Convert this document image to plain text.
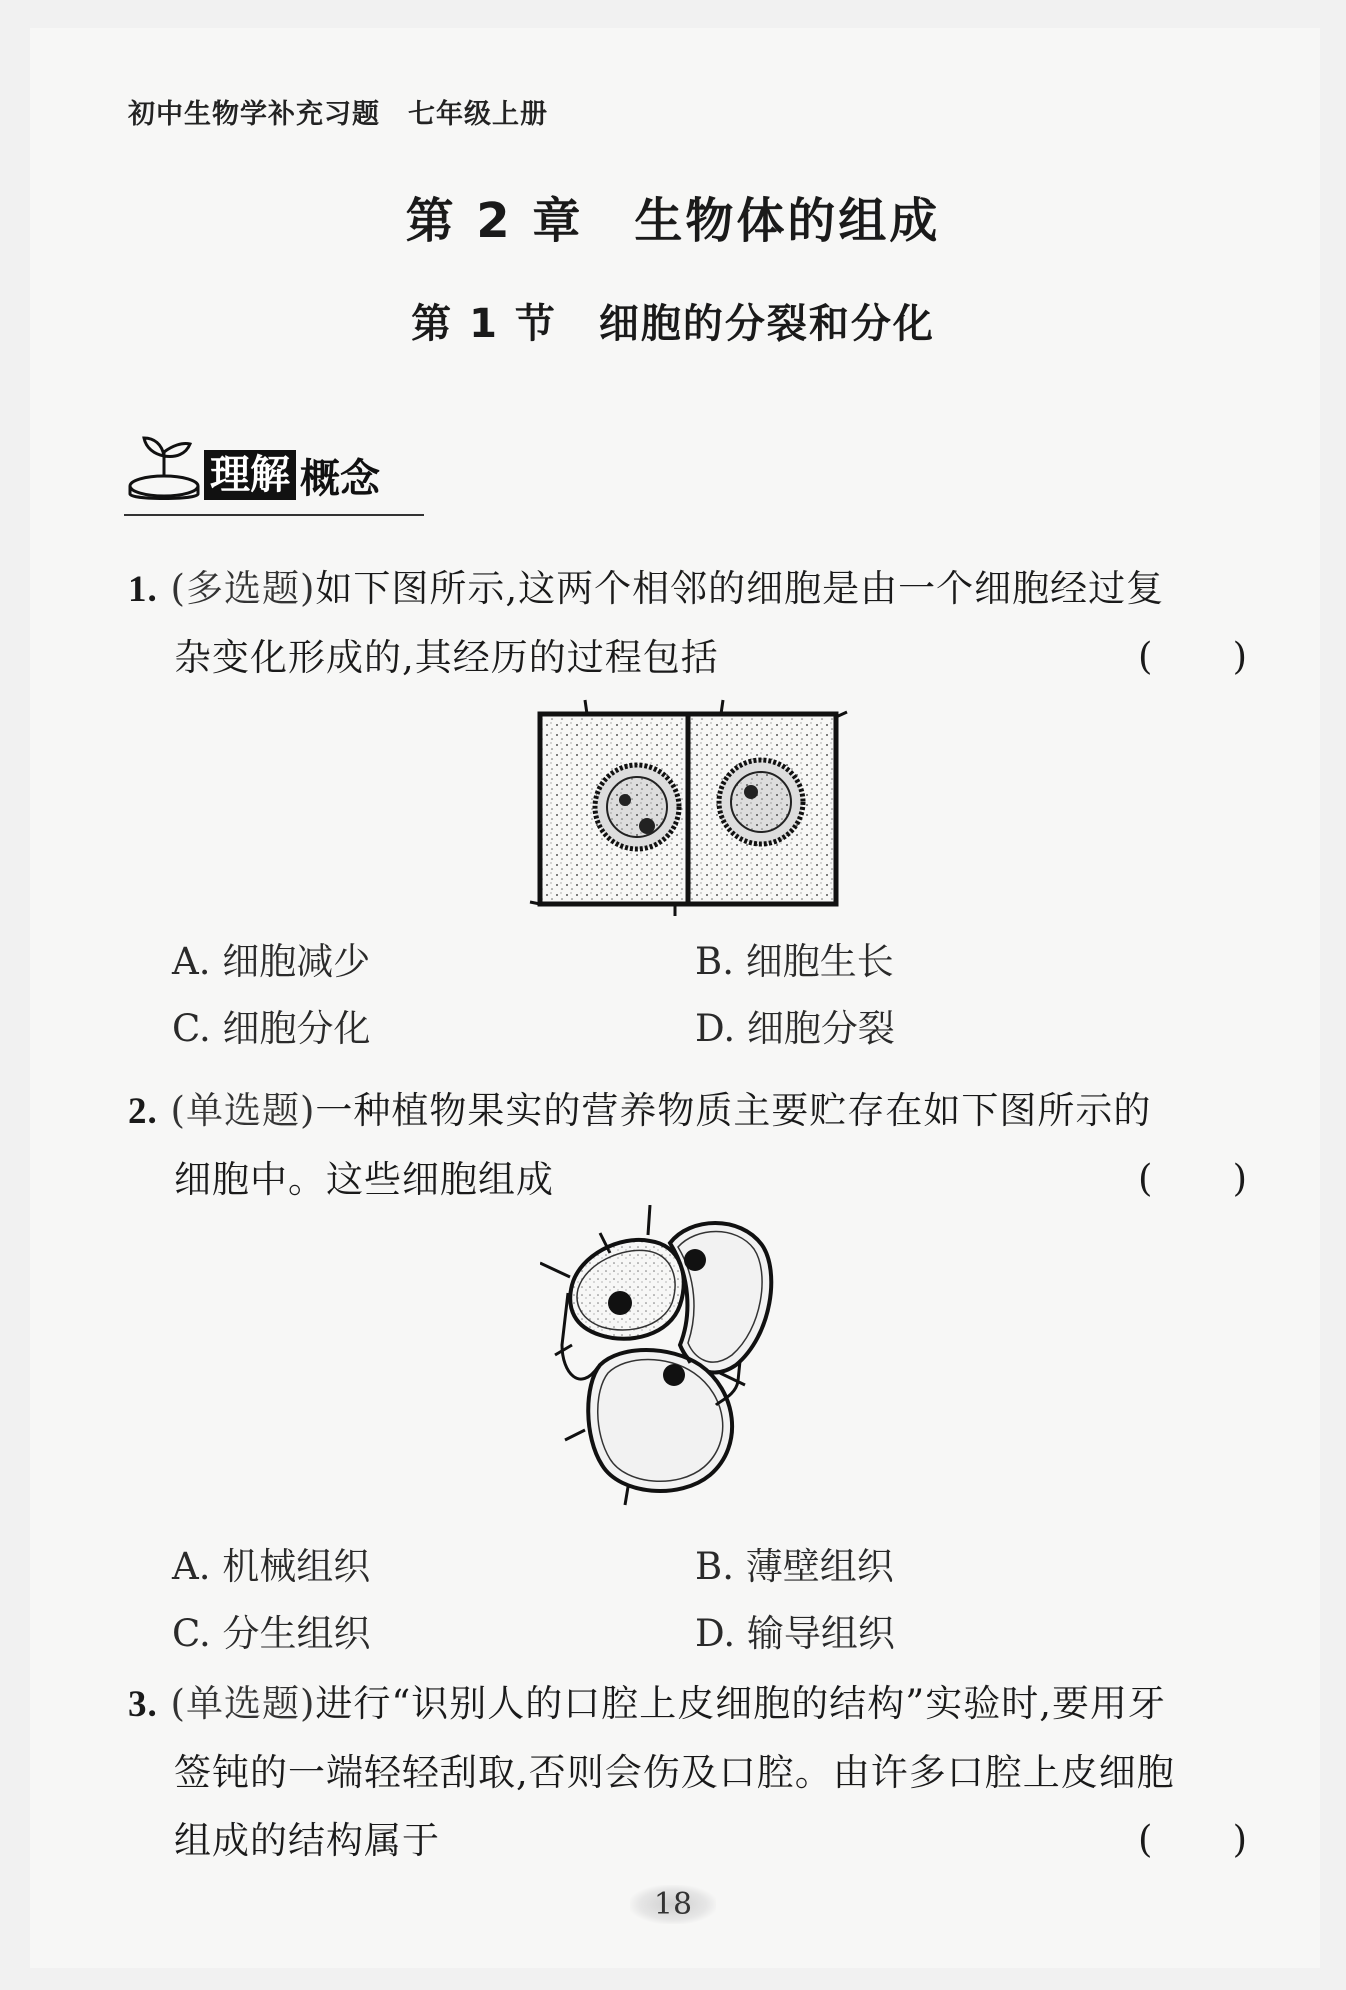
初中生物学补充习题　七年级上册
第 2 章　生物体的组成
第 1 节　细胞的分裂和分化
理解 概念
1. (多选题)如下图所示,这两个相邻的细胞是由一个细胞经过复
杂变化形成的,其经历的过程包括	( )
A. 细胞减少	B. 细胞生长
C. 细胞分化	D. 细胞分裂
2. (单选题)一种植物果实的营养物质主要贮存在如下图所示的
细胞中。这些细胞组成	( )
A. 机械组织	B. 薄壁组织
C. 分生组织	D. 输导组织
3. (单选题)进行“识别人的口腔上皮细胞的结构”实验时,要用牙
签钝的一端轻轻刮取,否则会伤及口腔。由许多口腔上皮细胞
组成的结构属于	( )
18
